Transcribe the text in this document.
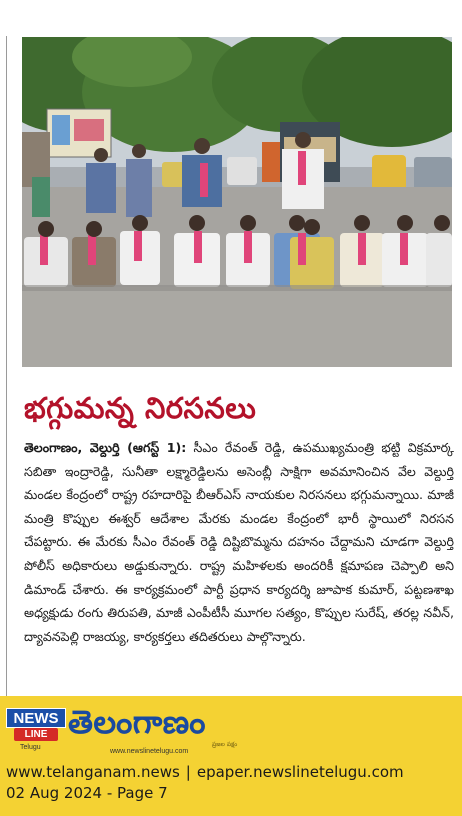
భగ్గుమన్న నిరసనలు

తెలంగాణం, వెల్దుర్తి (ఆగస్ట్ 1): సీఎం రేవంత్ రెడ్డి, ఉపముఖ్యమంత్రి భట్టి విక్రమార్క సబితా ఇంద్రారెడ్డి, సునీతా లక్ష్మారెడ్డిలను అసెంబ్లీ సాక్షిగా అవమానించిన వేల వెల్దుర్తి మండల కేంద్రంలో రాష్ట్ర రహదారిపై బీఆర్ఎస్ నాయకుల నిరసనలు భగ్గుమన్నాయి. మాజీ మంత్రి కొప్పుల ఈశ్వర్ ఆదేశాల మేరకు మండల కేంద్రంలో భారీ స్థాయిలో నిరసన చేపట్టారు. ఈ మేరకు సీఎం రేవంత్ రెడ్డి దిష్టిబొమ్మను దహనం చేద్దామని చూడగా వెల్దుర్తి పోలీస్ అధికారులు అడ్డుకున్నారు. రాష్ట్ర మహిళలకు అందరికీ క్షమాపణ చెప్పాలి అని డిమాండ్ చేశారు. ఈ కార్యక్రమంలో పార్టీ ప్రధాన కార్యదర్శి జూపాక కుమార్, పట్టణశాఖ అధ్యక్షుడు రంగు తిరుపతి, మాజీ ఎంపీటీసీ మూగల సత్యం, కొప్పుల సురేష్, తరల్ల నవీన్, ద్యావనపెల్లి రాజయ్య, కార్యకర్తలు తదితరులు పాల్గొన్నారు.

NEWS
LINE
Telugu
తెలంగాణం
www.newslinetelugu.com
ప్రజల పక్షం
www.telanganam.news | epaper.newslinetelugu.com
02 Aug 2024 - Page 7
